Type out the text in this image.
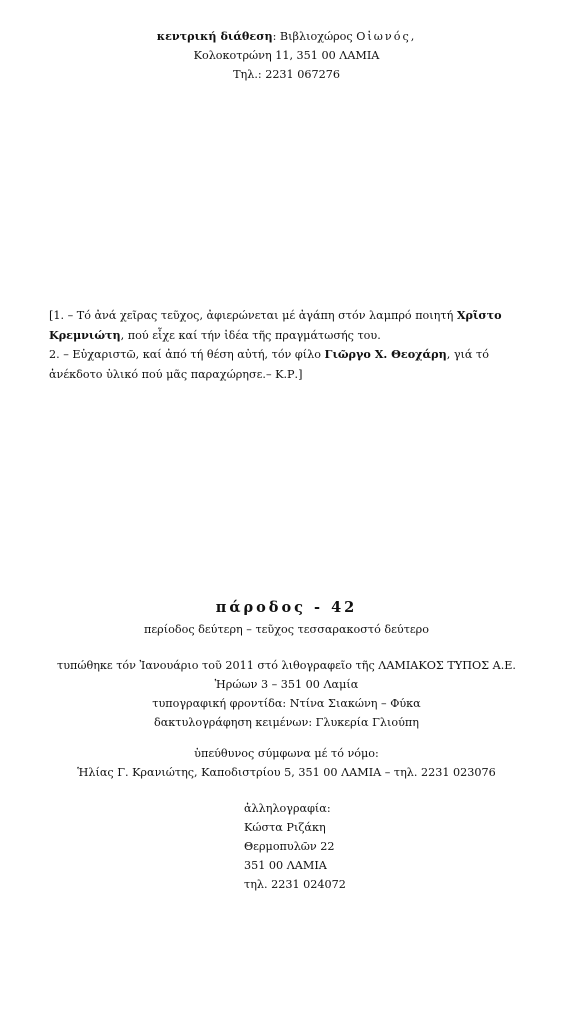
κεντρική διάθεση: Βιβλιοχώρος Οἰωνός,
Κολοκοτρώνη 11, 351 00 ΛΑΜΙΑ
Τηλ.: 2231 067276

[1. – Τό ἀνά χεῖρας τεῦχος, ἀφιερώνεται μέ ἀγάπη στόν λαμπρό ποιητή Χρῖστο
Κρεμνιώτη, πού εἶχε καί τήν ἰδέα τῆς πραγμάτωσής του.

2. – Εὐχαριστῶ, καί ἀπό τή θέση αὐτή, τόν φίλο Γιῶργο Χ. Θεοχάρη, γιά τό
ἀνέκδοτο ὑλικό πού μᾶς παραχώρησε.– Κ.Ρ.]

πάροδος - 42
περίοδος δεύτερη – τεῦχος τεσσαρακοστό δεύτερο
τυπώθηκε τόν Ἰανουάριο τοῦ 2011 στό λιθογραφεῖο τῆς ΛΑΜΙΑΚΟΣ ΤΥΠΟΣ Α.Ε.
Ἡρώων 3 – 351 00 Λαμία
τυπογραφική φροντίδα: Ντίνα Σιακώνη – Φύκα
δακτυλογράφηση κειμένων: Γλυκερία Γλιούπη
ὑπεύθυνος σύμφωνα μέ τό νόμο:
Ἡλίας Γ. Κρανιώτης, Καποδιστρίου 5, 351 00 ΛΑΜΙΑ – τηλ. 2231 023076
ἀλληλογραφία:
Κώστα Ριζάκη
Θερμοπυλῶν 22
351 00 ΛΑΜΙΑ
τηλ. 2231 024072
